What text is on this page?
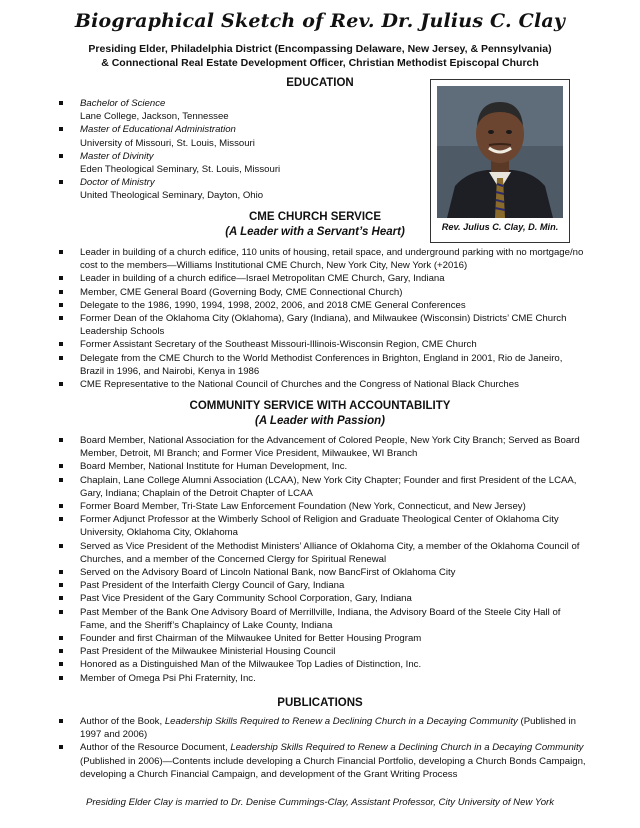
Biographical Sketch of Rev. Dr. Julius C. Clay
Presiding Elder, Philadelphia District (Encompassing Delaware, New Jersey, & Pennsylvania)
& Connectional Real Estate Development Officer, Christian Methodist Episcopal Church
EDUCATION
Bachelor of Science
Lane College, Jackson, Tennessee
Master of Educational Administration
University of Missouri, St. Louis, Missouri
Master of Divinity
Eden Theological Seminary, St. Louis, Missouri
Doctor of Ministry
United Theological Seminary, Dayton, Ohio
Rev. Julius C. Clay, D. Min.
CME CHURCH SERVICE
(A Leader with a Servant’s Heart)
Leader in building of a church edifice, 110 units of housing, retail space, and underground parking with no mortgage/no cost to the members—Williams Institutional CME Church, New York City, New York (+2016)
Leader in building of a church edifice—Israel Metropolitan CME Church, Gary, Indiana
Member, CME General Board (Governing Body, CME Connectional Church)
Delegate to the 1986, 1990, 1994, 1998, 2002, 2006, and 2018 CME General Conferences
Former Dean of the Oklahoma City (Oklahoma), Gary (Indiana), and Milwaukee (Wisconsin) Districts’ CME Church Leadership Schools
Former Assistant Secretary of the Southeast Missouri-Illinois-Wisconsin Region, CME Church
Delegate from the CME Church to the World Methodist Conferences in Brighton, England in 2001, Rio de Janeiro, Brazil in 1996, and Nairobi, Kenya in 1986
CME Representative to the National Council of Churches and the Congress of National Black Churches
COMMUNITY SERVICE WITH ACCOUNTABILITY
(A Leader with Passion)
Board Member, National Association for the Advancement of Colored People, New York City Branch; Served as Board Member, Detroit, MI Branch; and Former Vice President, Milwaukee, WI Branch
Board Member, National Institute for Human Development, Inc.
Chaplain, Lane College Alumni Association (LCAA), New York City Chapter; Founder and first President of the LCAA, Gary, Indiana; Chaplain of the Detroit Chapter of LCAA
Former Board Member, Tri-State Law Enforcement Foundation (New York, Connecticut, and New Jersey)
Former Adjunct Professor at the Wimberly School of Religion and Graduate Theological Center of Oklahoma City University, Oklahoma City, Oklahoma
Served as Vice President of the Methodist Ministers’ Alliance of Oklahoma City, a member of the Oklahoma Council of Churches, and a member of the Concerned Clergy for Spiritual Renewal
Served on the Advisory Board of Lincoln National Bank, now BancFirst of Oklahoma City
Past President of the Interfaith Clergy Council of Gary, Indiana
Past Vice President of the Gary Community School Corporation, Gary, Indiana
Past Member of the Bank One Advisory Board of Merrillville, Indiana, the Advisory Board of the Steele City Hall of Fame, and the Sheriff’s Chaplaincy of Lake County, Indiana
Founder and first Chairman of the Milwaukee United for Better Housing Program
Past President of the Milwaukee Ministerial Housing Council
Honored as a Distinguished Man of the Milwaukee Top Ladies of Distinction, Inc.
Member of Omega Psi Phi Fraternity, Inc.
PUBLICATIONS
Author of the Book, Leadership Skills Required to Renew a Declining Church in a Decaying Community (Published in 1997 and 2006)
Author of the Resource Document, Leadership Skills Required to Renew a Declining Church in a Decaying Community (Published in 2006)—Contents include developing a Church Financial Portfolio, developing a Church Bonds Campaign, developing a Church Financial Campaign, and development of the Grant Writing Process
Presiding Elder Clay is married to Dr. Denise Cummings-Clay, Assistant Professor, City University of New York
